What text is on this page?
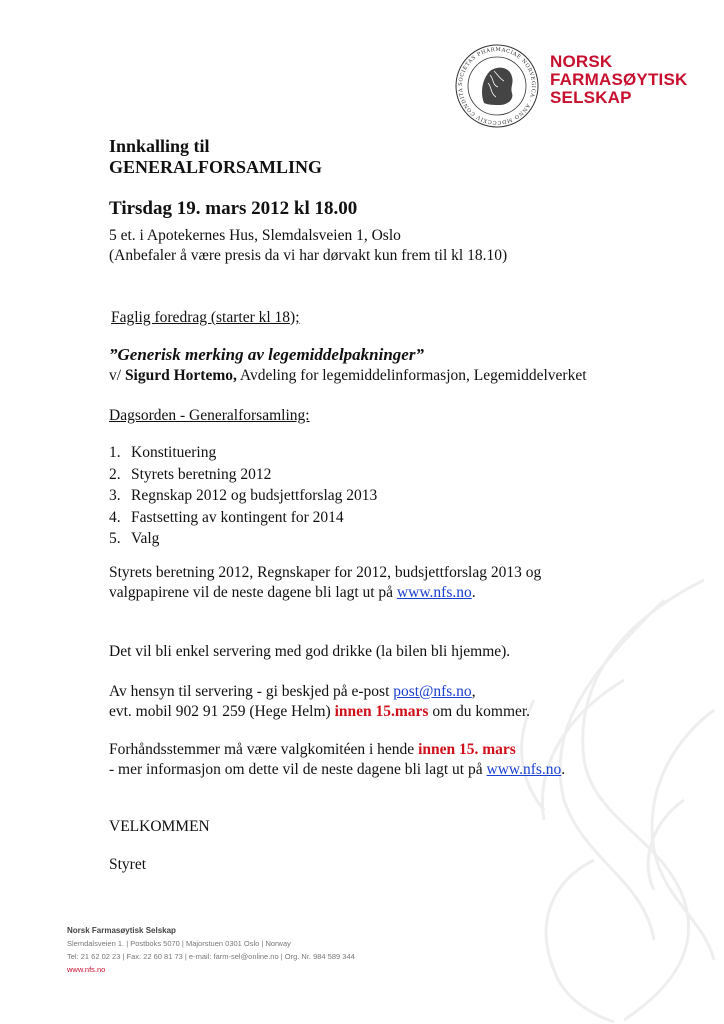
SOCIETAS PHARMACIAE NORVEGICA · ANNO MDCCCXIV CONDITA
NORSK
FARMASØYTISK
SELSKAP
Innkalling til
GENERALFORSAMLING
Tirsdag 19. mars 2012 kl 18.00
5 et. i Apotekernes Hus, Slemdalsveien 1, Oslo
(Anbefaler å være presis da vi har dørvakt kun frem til kl 18.10)
Faglig foredrag (starter kl 18);
”Generisk merking av legemiddelpakninger”
v/ Sigurd Hortemo, Avdeling for legemiddelinformasjon, Legemiddelverket
Dagsorden - Generalforsamling:
1. Konstituering
2. Styrets beretning 2012
3. Regnskap 2012 og budsjettforslag 2013
4. Fastsetting av kontingent for 2014
5. Valg
Styrets beretning 2012, Regnskaper for 2012, budsjettforslag 2013 og
valgpapirene vil de neste dagene bli lagt ut på www.nfs.no.
Det vil bli enkel servering med god drikke (la bilen bli hjemme).
Av hensyn til servering - gi beskjed på e-post post@nfs.no,
evt. mobil 902 91 259 (Hege Helm) innen 15.mars om du kommer.
Forhåndsstemmer må være valgkomitéen i hende innen 15. mars
- mer informasjon om dette vil de neste dagene bli lagt ut på www.nfs.no.
VELKOMMEN
Styret
Norsk Farmasøytisk Selskap
Slemdalsveien 1. | Postboks 5070 | Majorstuen 0301 Oslo | Norway
Tel: 21 62 02 23 | Fax: 22 60 81 73 | e-mail: farm-sel@online.no | Org. Nr. 984 589 344
www.nfs.no
